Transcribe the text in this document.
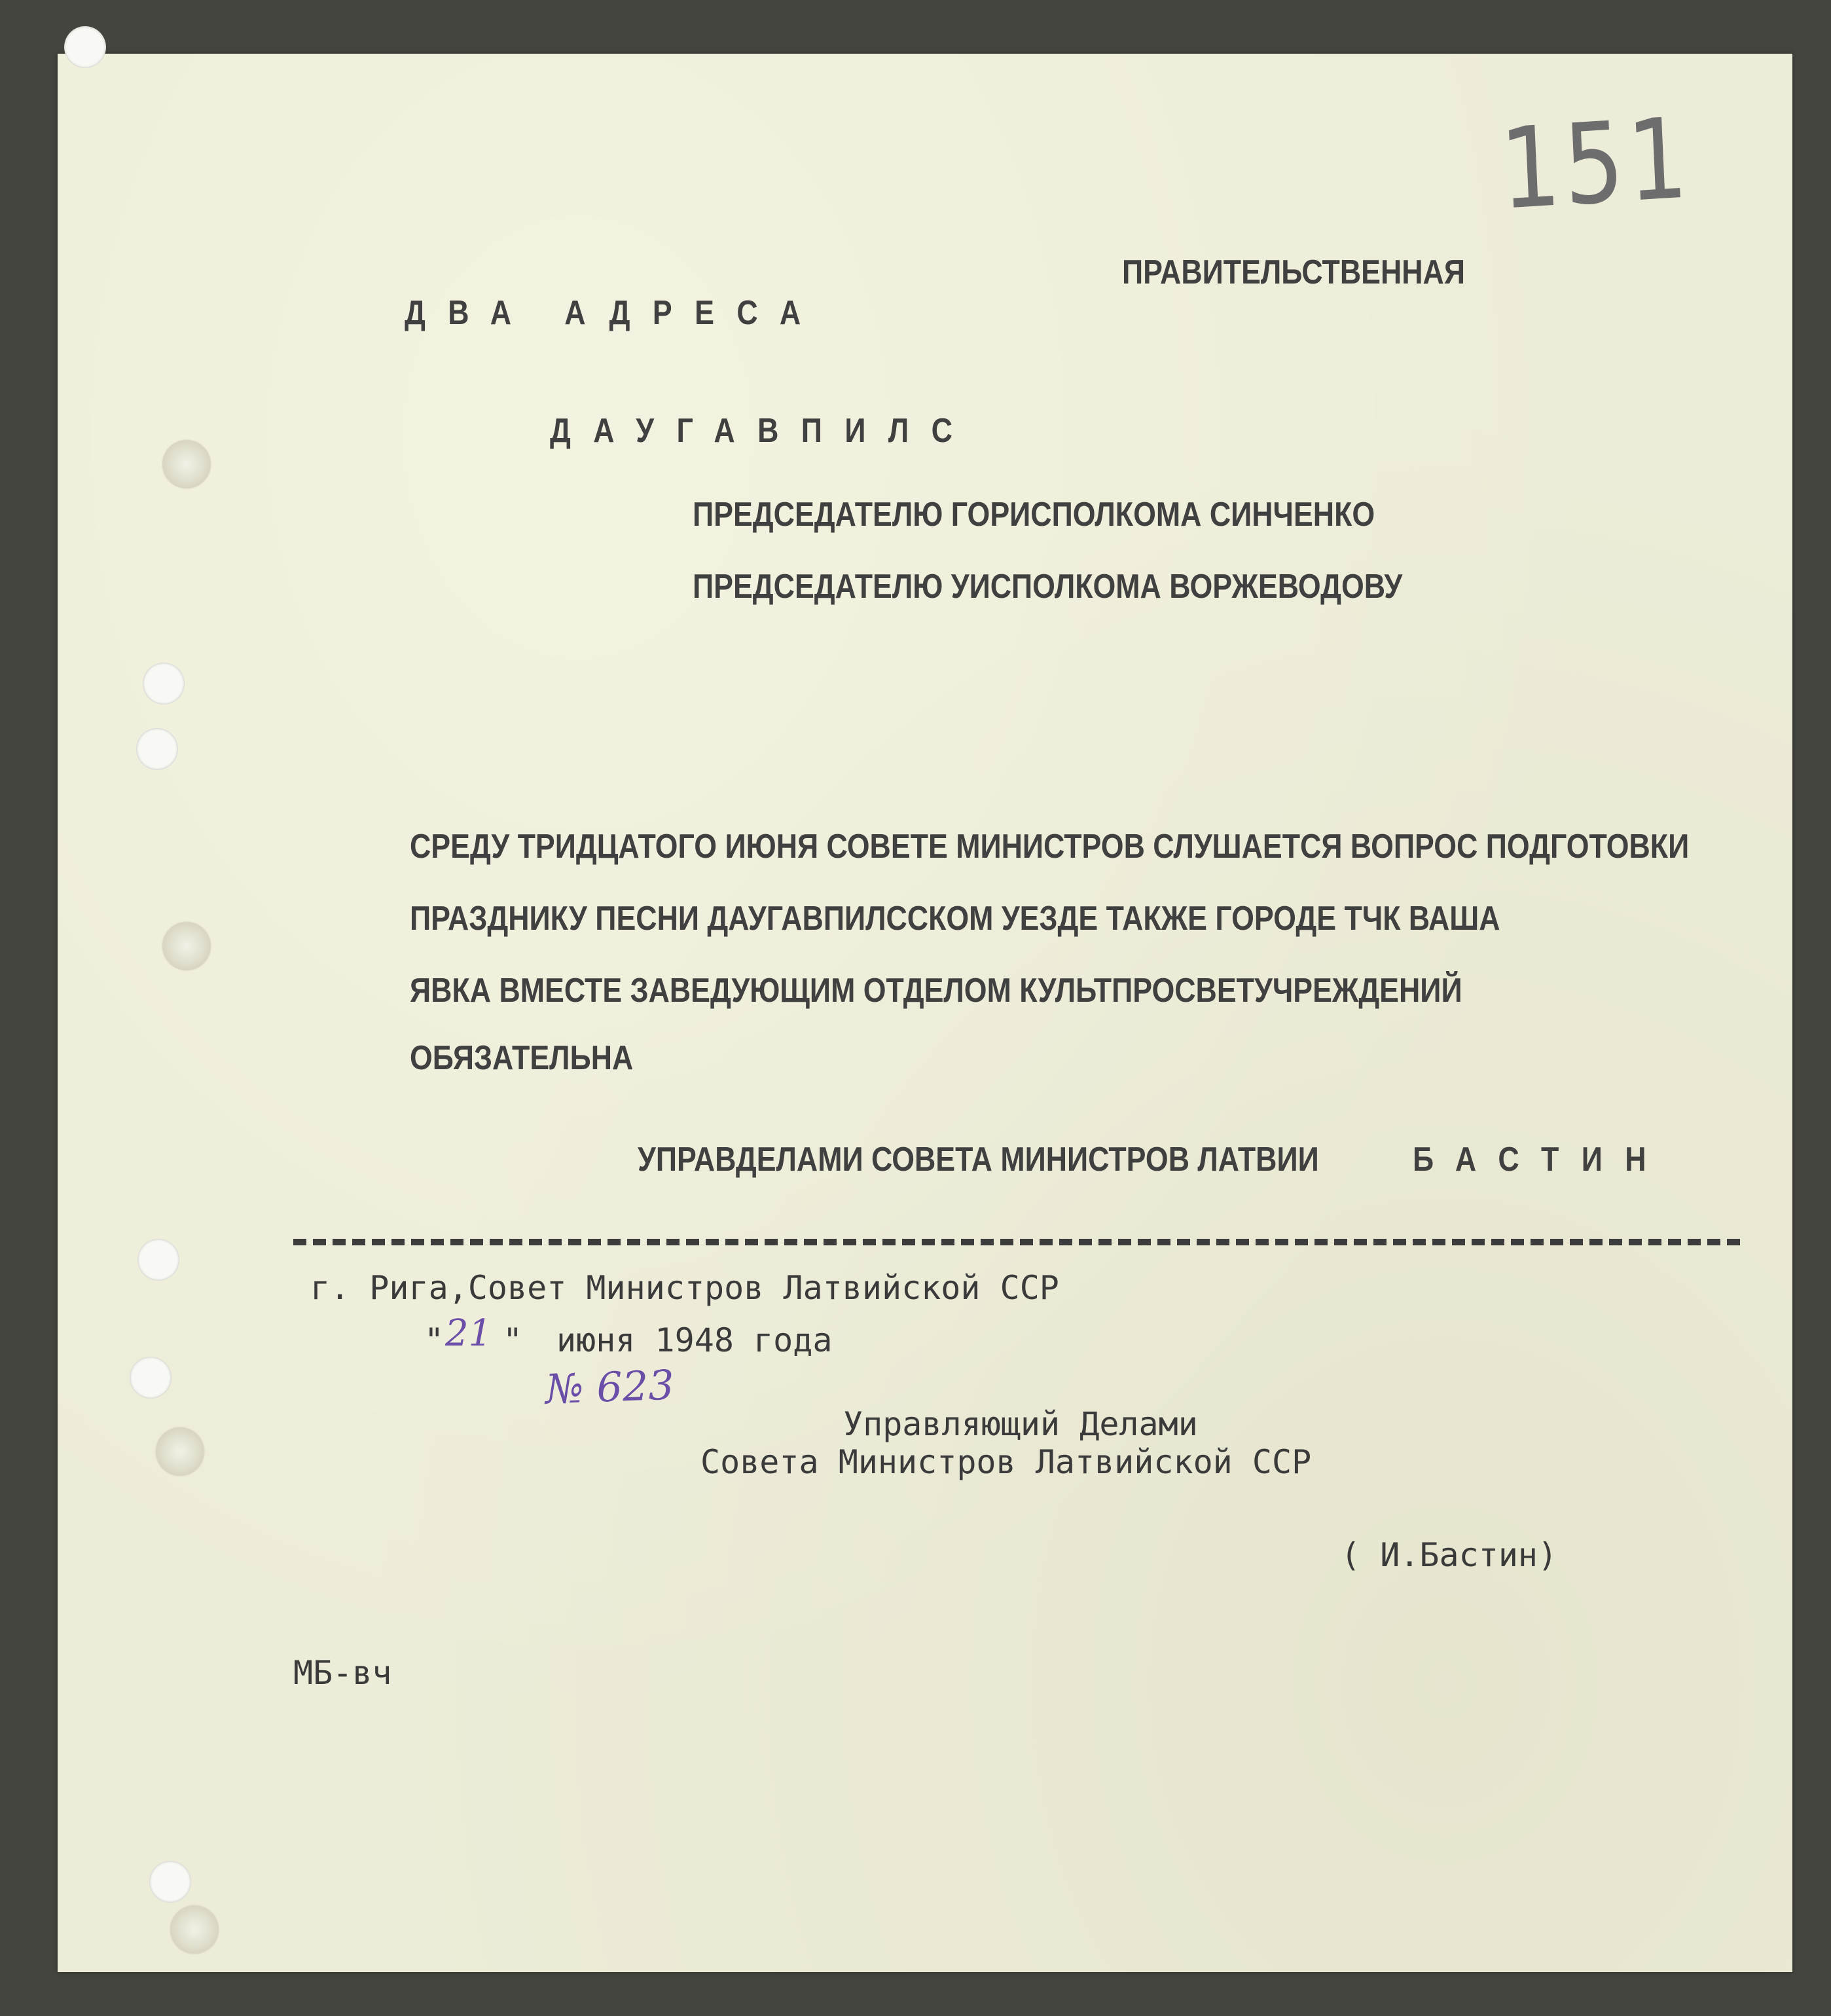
151
ПРАВИТЕЛЬСТВЕННАЯ
ДВА АДРЕСА
ДАУГАВПИЛС
ПРЕДСЕДАТЕЛЮ ГОРИСПОЛКОМА СИНЧЕНКО
ПРЕДСЕДАТЕЛЮ УИСПОЛКОМА ВОРЖЕВОДОВУ
СРЕДУ ТРИДЦАТОГО ИЮНЯ СОВЕТЕ МИНИСТРОВ СЛУШАЕТСЯ ВОПРОС ПОДГОТОВКИ
ПРАЗДНИКУ ПЕСНИ ДАУГАВПИЛССКОМ УЕЗДЕ ТАКЖЕ ГОРОДЕ ТЧК ВАША
ЯВКА ВМЕСТЕ ЗАВЕДУЮЩИМ ОТДЕЛОМ КУЛЬТПРОСВЕТУЧРЕЖДЕНИЙ
ОБЯЗАТЕЛЬНА
УПРАВДЕЛАМИ СОВЕТА МИНИСТРОВ ЛАТВИИ	БАСТИН
г. Рига,Совет Министров Латвийской ССР
" 21 " июня 1948 года
№ 623
Управляющий Делами
Совета Министров Латвийской ССР
( И.Бастин)
МБ-вч
